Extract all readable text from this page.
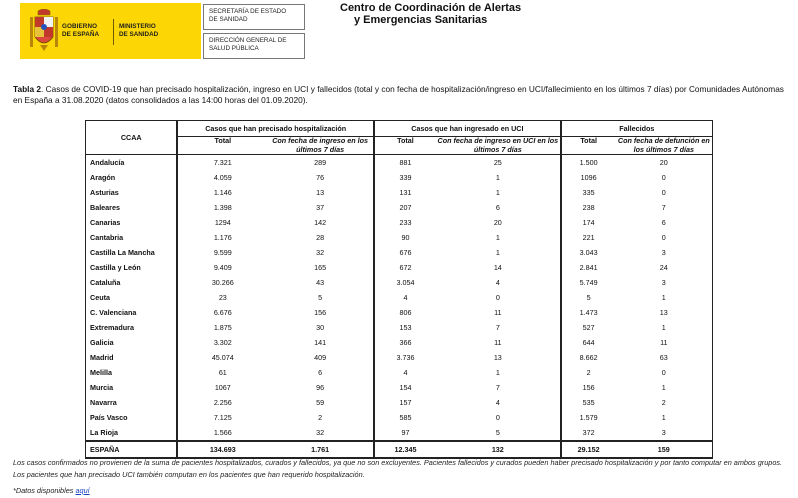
GOBIERNO
DE ESPAÑA
MINISTERIO
DE SANIDAD
SECRETARÍA DE ESTADO
DE SANIDAD
DIRECCIÓN GENERAL DE
SALUD PÚBLICA
Centro de Coordinación de Alertas
y Emergencias Sanitarias
Tabla 2. Casos de COVID-19 que han precisado hospitalización, ingreso en UCI y fallecidos (total y con fecha de hospitalización/ingreso en UCI/fallecimiento en los últimos 7 días) por Comunidades Autónomas en España a 31.08.2020 (datos consolidados a las 14:00 horas del 01.09.2020).
CCAA	Casos que han precisado hospitalización		Casos que han ingresado en UCI		Fallecidos	
	Total	Con fecha de ingreso en los últimos 7 días	Total	Con fecha de ingreso en UCI en los últimos 7 días	Total	Con fecha de defunción en los últimos 7 días
Andalucía	7.321	289	881	25	1.500	20
Aragón	4.059	76	339	1	1096	0
Asturias	1.146	13	131	1	335	0
Baleares	1.398	37	207	6	238	7
Canarias	1294	142	233	20	174	6
Cantabria	1.176	28	90	1	221	0
Castilla La Mancha	9.599	32	676	1	3.043	3
Castilla y León	9.409	165	672	14	2.841	24
Cataluña	30.266	43	3.054	4	5.749	3
Ceuta	23	5	4	0	5	1
C. Valenciana	6.676	156	806	11	1.473	13
Extremadura	1.875	30	153	7	527	1
Galicia	3.302	141	366	11	644	11
Madrid	45.074	409	3.736	13	8.662	63
Melilla	61	6	4	1	2	0
Murcia	1067	96	154	7	156	1
Navarra	2.256	59	157	4	535	2
País Vasco	7.125	2	585	0	1.579	1
La Rioja	1.566	32	97	5	372	3
ESPAÑA	134.693	1.761	12.345	132	29.152	159
Los casos confirmados no provienen de la suma de pacientes hospitalizados, curados y fallecidos, ya que no son excluyentes. Pacientes fallecidos y curados pueden haber precisado hospitalización y por tanto computar en ambos grupos. Los pacientes que han precisado UCI también computan en los pacientes que han requerido hospitalización.
*Datos disponibles aquí
